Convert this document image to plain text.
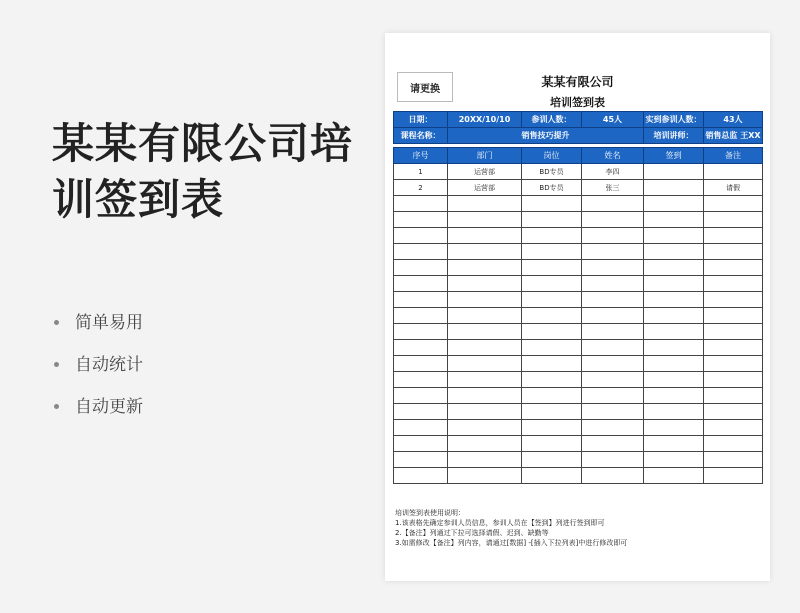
某某有限公司培训签到表
简单易用
自动统计
自动更新
请更换	某某有限公司
培训签到表
日期：	20XX/10/10	参训人数：	45人	实到参训人数：	43人
课程名称：	销售技巧提升			培训讲师：	销售总监 王XX
序号	部门	岗位	姓名	签到	备注
1	运营部	BD专员	李四		
2	运营部	BD专员	张三		请假

培训签到表使用说明：
1.该表格先确定参训人员信息，参训人员在【签到】列进行签到即可
2.【备注】列通过下拉可选择请假、迟到、缺勤等
3.如需修改【备注】列内容，请通过[数据] -[插入下拉列表]中进行修改即可
